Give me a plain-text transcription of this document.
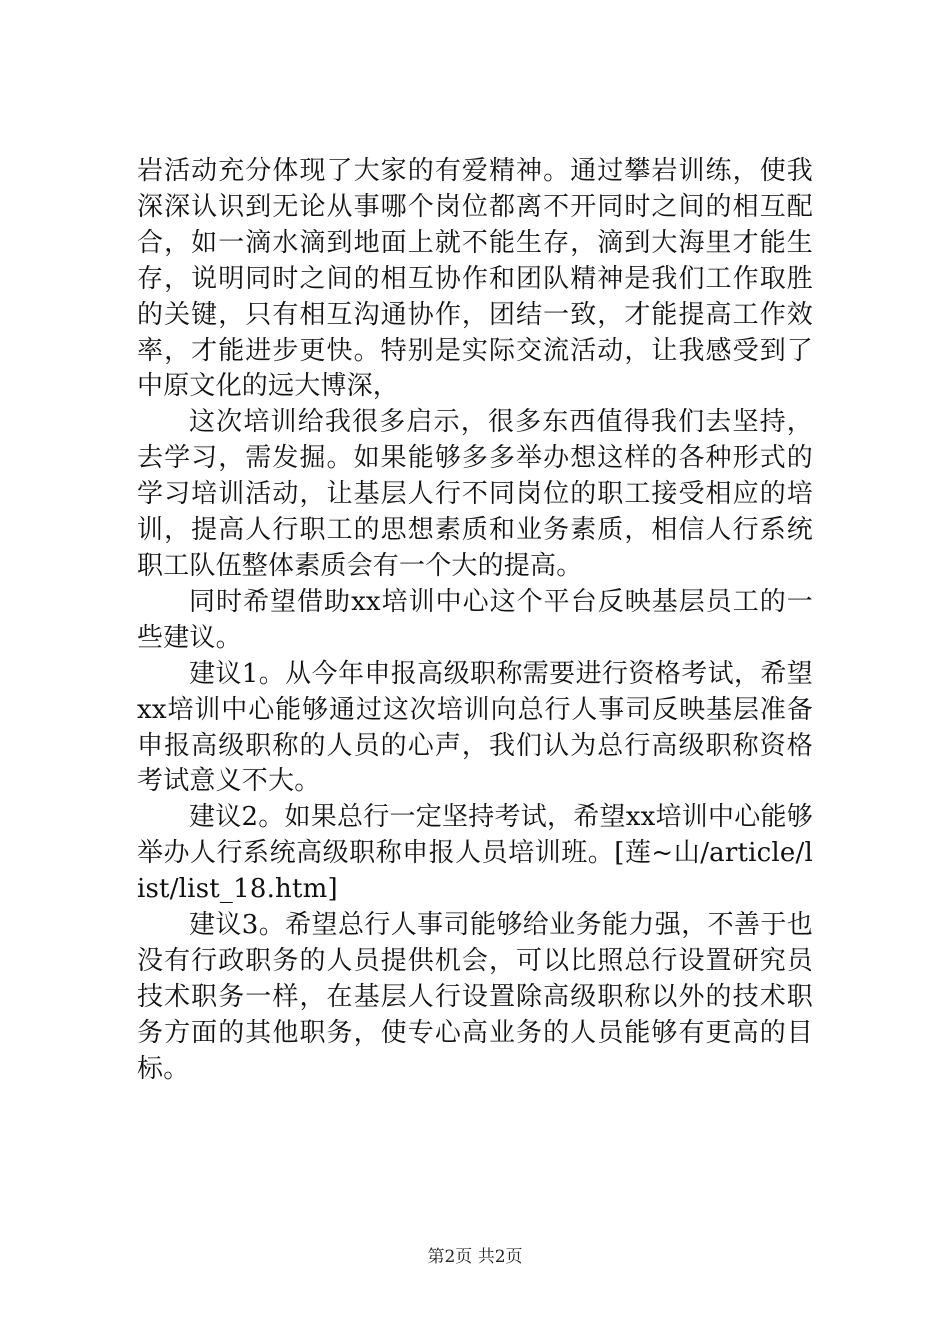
岩活动充分体现了大家的有爱精神。通过攀岩训练，使我深深认识到无论从事哪个岗位都离不开同时之间的相互配合，如一滴水滴到地面上就不能生存，滴到大海里才能生存，说明同时之间的相互协作和团队精神是我们工作取胜的关键，只有相互沟通协作，团结一致，才能提高工作效率，才能进步更快。特别是实际交流活动，让我感受到了中原文化的远大博深，

这次培训给我很多启示，很多东西值得我们去坚持，去学习，需发掘。如果能够多多举办想这样的各种形式的学习培训活动，让基层人行不同岗位的职工接受相应的培训，提高人行职工的思想素质和业务素质，相信人行系统职工队伍整体素质会有一个大的提高。

同时希望借助xx培训中心这个平台反映基层员工的一些建议。

建议1。从今年申报高级职称需要进行资格考试，希望xx培训中心能够通过这次培训向总行人事司反映基层准备申报高级职称的人员的心声，我们认为总行高级职称资格考试意义不大。

建议2。如果总行一定坚持考试，希望xx培训中心能够举办人行系统高级职称申报人员培训班。[莲~山/article/list/list_18.htm]

建议3。希望总行人事司能够给业务能力强，不善于也没有行政职务的人员提供机会，可以比照总行设置研究员技术职务一样，在基层人行设置除高级职称以外的技术职务方面的其他职务，使专心高业务的人员能够有更高的目标。

第2页 共2页
